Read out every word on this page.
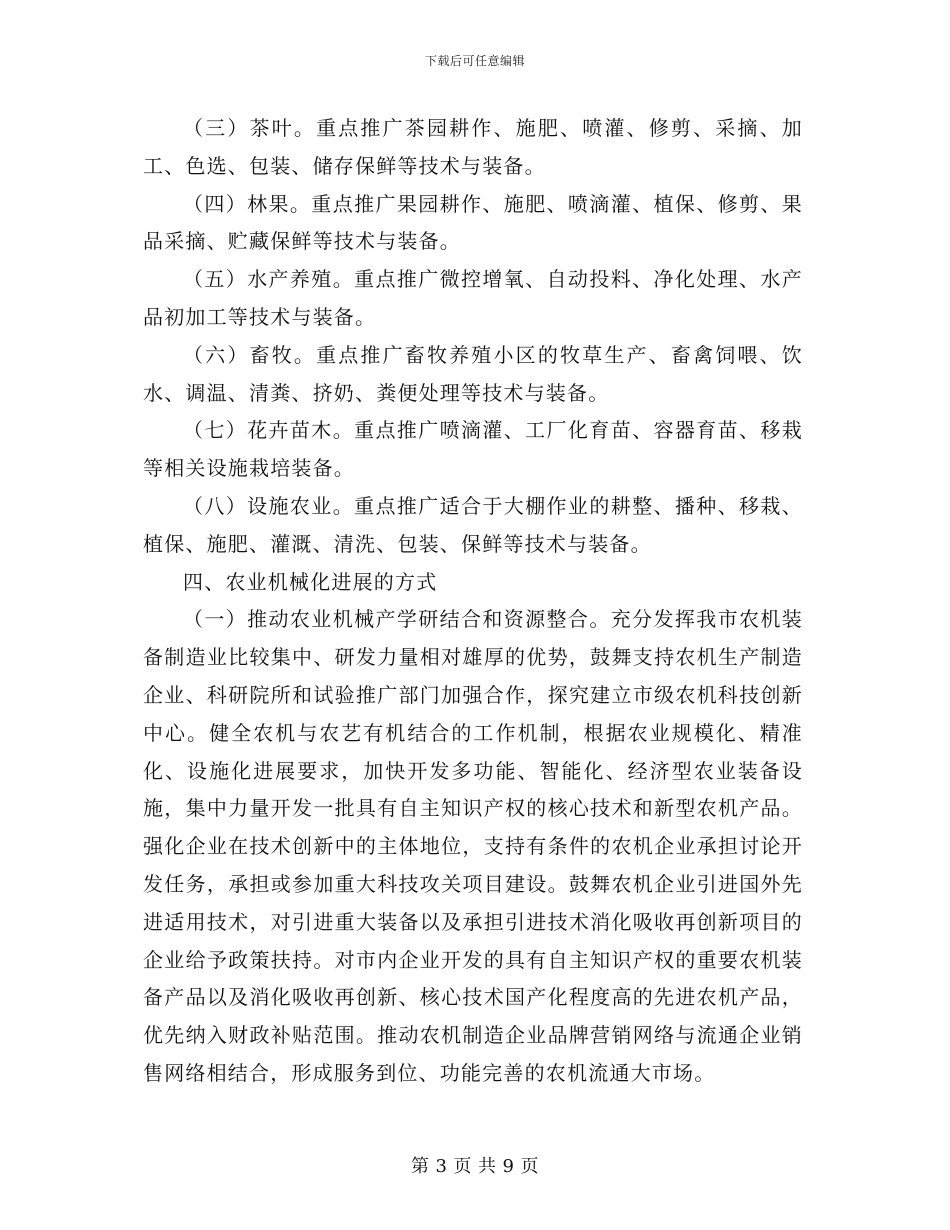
下载后可任意编辑

（三）茶叶。重点推广茶园耕作、施肥、喷灌、修剪、采摘、加工、色选、包装、储存保鲜等技术与装备。

（四）林果。重点推广果园耕作、施肥、喷滴灌、植保、修剪、果品采摘、贮藏保鲜等技术与装备。

（五）水产养殖。重点推广微控增氧、自动投料、净化处理、水产品初加工等技术与装备。

（六）畜牧。重点推广畜牧养殖小区的牧草生产、畜禽饲喂、饮水、调温、清粪、挤奶、粪便处理等技术与装备。

（七）花卉苗木。重点推广喷滴灌、工厂化育苗、容器育苗、移栽等相关设施栽培装备。

（八）设施农业。重点推广适合于大棚作业的耕整、播种、移栽、植保、施肥、灌溉、清洗、包装、保鲜等技术与装备。

四、农业机械化进展的方式

（一）推动农业机械产学研结合和资源整合。充分发挥我市农机装备制造业比较集中、研发力量相对雄厚的优势，鼓舞支持农机生产制造企业、科研院所和试验推广部门加强合作，探究建立市级农机科技创新中心。健全农机与农艺有机结合的工作机制，根据农业规模化、精准化、设施化进展要求，加快开发多功能、智能化、经济型农业装备设施，集中力量开发一批具有自主知识产权的核心技术和新型农机产品。强化企业在技术创新中的主体地位，支持有条件的农机企业承担讨论开发任务，承担或参加重大科技攻关项目建设。鼓舞农机企业引进国外先进适用技术，对引进重大装备以及承担引进技术消化吸收再创新项目的企业给予政策扶持。对市内企业开发的具有自主知识产权的重要农机装备产品以及消化吸收再创新、核心技术国产化程度高的先进农机产品，优先纳入财政补贴范围。推动农机制造企业品牌营销网络与流通企业销售网络相结合，形成服务到位、功能完善的农机流通大市场。

第 3 页 共 9 页
